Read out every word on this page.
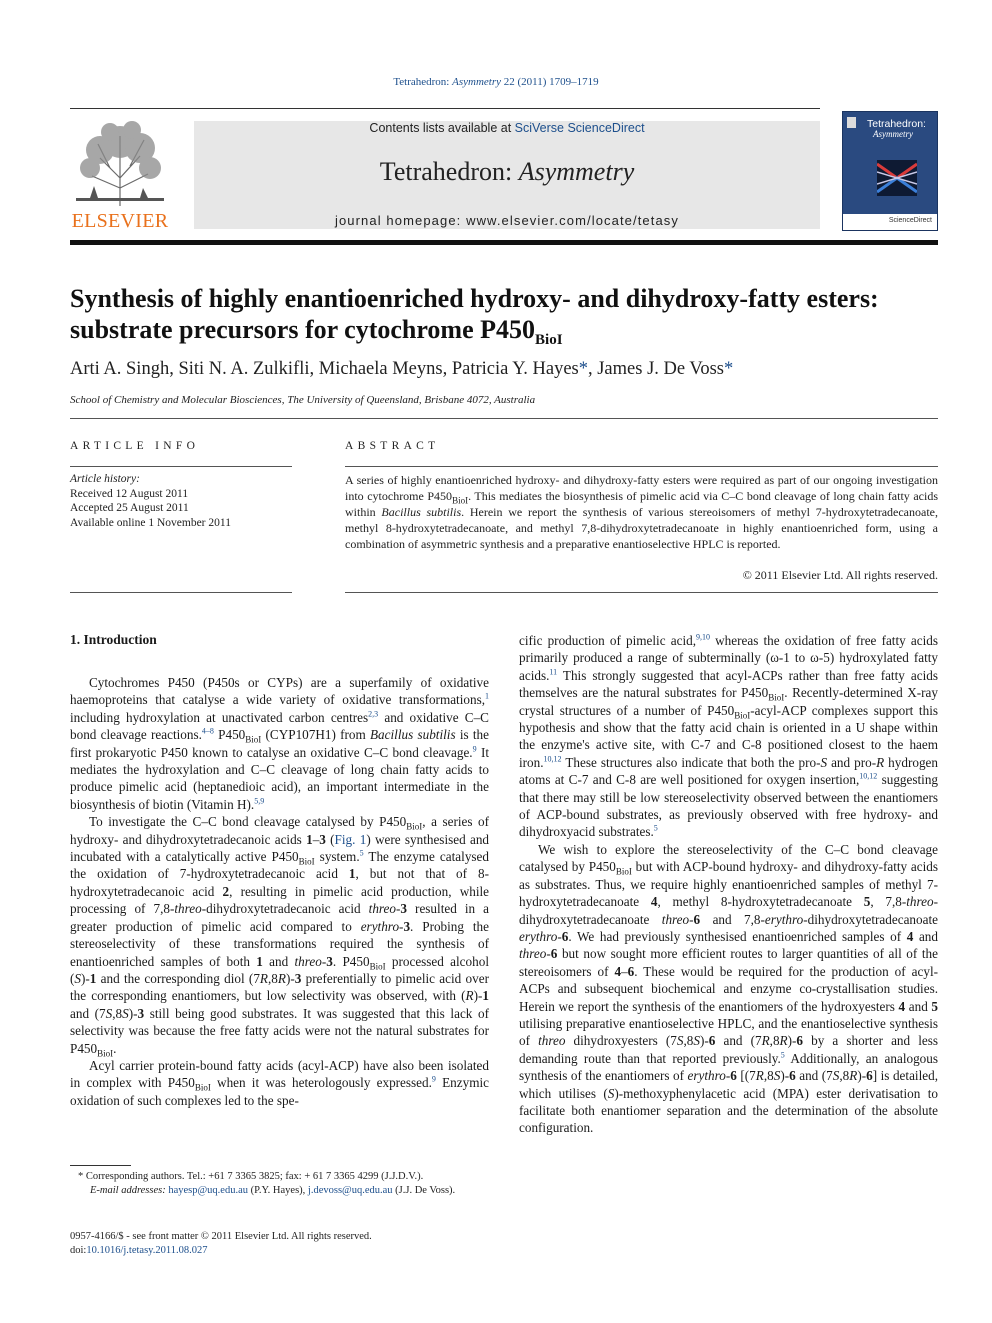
Tetrahedron: Asymmetry 22 (2011) 1709–1719
ELSEVIER
Contents lists available at SciVerse ScienceDirect
Tetrahedron: Asymmetry
journal homepage: www.elsevier.com/locate/tetasy
Tetrahedron:
Asymmetry
ScienceDirect
Synthesis of highly enantioenriched hydroxy- and dihydroxy-fatty esters:
substrate precursors for cytochrome $P450_{BioI}$
Arti A. Singh, Siti N. A. Zulkifli, Michaela Meyns, Patricia Y. Hayes*, James J. De Voss*
School of Chemistry and Molecular Biosciences, The University of Queensland, Brisbane 4072, Australia
ARTICLE INFO	ABSTRACT
Article history:
Received 12 August 2011
Accepted 25 August 2011
Available online 1 November 2011
A series of highly enantioenriched hydroxy- and dihydroxy-fatty esters were required as part of our ongoing investigation into cytochrome $P450_{BioI}$. This mediates the biosynthesis of pimelic acid via C–C bond cleavage of long chain fatty acids within Bacillus subtilis. Herein we report the synthesis of various stereoisomers of methyl 7-hydroxytetradecanoate, methyl 8-hydroxytetradecanoate, and methyl 7,8-dihydroxytetradecanoate in highly enantioenriched form, using a combination of asymmetric synthesis and a preparative enantioselective HPLC is reported.
© 2011 Elsevier Ltd. All rights reserved.
1. Introduction

Cytochromes P450 (P450s or CYPs) are a superfamily of oxidative haemoproteins that catalyse a wide variety of oxidative transformations,$^1$ including hydroxylation at unactivated carbon centres$^{2,3}$ and oxidative C–C bond cleavage reactions.$^{4-8}$ $P450_{BioI}$ (CYP107H1) from Bacillus subtilis is the first prokaryotic P450 known to catalyse an oxidative C–C bond cleavage.$^9$ It mediates the hydroxylation and C–C cleavage of long chain fatty acids to produce pimelic acid (heptanedioic acid), an important intermediate in the biosynthesis of biotin (Vitamin H).$^{5,9}$

To investigate the C–C bond cleavage catalysed by $P450_{BioI}$, a series of hydroxy- and dihydroxytetradecanoic acids 1–3 (Fig. 1) were synthesised and incubated with a catalytically active $P450_{BioI}$ system.$^5$ The enzyme catalysed the oxidation of 7-hydroxytetradecanoic acid 1, but not that of 8-hydroxytetradecanoic acid 2, resulting in pimelic acid production, while processing of 7,8-threo-dihydroxytetradecanoic acid threo-3 resulted in a greater production of pimelic acid compared to erythro-3. Probing the stereoselectivity of these transformations required the synthesis of enantioenriched samples of both 1 and threo-3. $P450_{BioI}$ processed alcohol (S)-1 and the corresponding diol (7R,8R)-3 preferentially to pimelic acid over the corresponding enantiomers, but low selectivity was observed, with (R)-1 and (7S,8S)-3 still being good substrates. It was suggested that this lack of selectivity was because the free fatty acids were not the natural substrates for $P450_{BioI}$.

Acyl carrier protein-bound fatty acids (acyl-ACP) have also been isolated in complex with $P450_{BioI}$ when it was heterologously expressed.$^9$ Enzymic oxidation of such complexes led to the spe-

cific production of pimelic acid,$^{9,10}$ whereas the oxidation of free fatty acids primarily produced a range of subterminally (ω-1 to ω-5) hydroxylated fatty acids.$^{11}$ This strongly suggested that acyl-ACPs rather than free fatty acids themselves are the natural substrates for $P450_{BioI}$. Recently-determined X-ray crystal structures of a number of $P450_{BioI}-acyl$-ACP complexes support this hypothesis and show that the fatty acid chain is oriented in a U shape within the enzyme's active site, with C-7 and C-8 positioned closest to the haem iron.$^{10,12}$ These structures also indicate that both the pro-S and pro-R hydrogen atoms at C-7 and C-8 are well positioned for oxygen insertion,$^{10,12}$ suggesting that there may still be low stereoselectivity observed between the enantiomers of ACP-bound substrates, as previously observed with free hydroxy- and dihydroxyacid substrates.$^5$

We wish to explore the stereoselectivity of the C–C bond cleavage catalysed by $P450_{BioI}$ but with ACP-bound hydroxy- and dihydroxy-fatty acids as substrates. Thus, we require highly enantioenriched samples of methyl 7-hydroxytetradecanoate 4, methyl 8-hydroxytetradecanoate 5, 7,8-threo-dihydroxytetradecanoate threo-6 and 7,8-erythro-dihydroxytetradecanoate erythro-6. We had previously synthesised enantioenriched samples of 4 and threo-6 but now sought more efficient routes to larger quantities of all of the stereoisomers of 4–6. These would be required for the production of acyl-ACPs and subsequent biochemical and enzyme co-crystallisation studies. Herein we report the synthesis of the enantiomers of the hydroxyesters 4 and 5 utilising preparative enantioselective HPLC, and the enantioselective synthesis of threo dihydroxyesters (7S,8S)-6 and (7R,8R)-6 by a shorter and less demanding route than that reported previously.$^5$ Additionally, an analogous synthesis of the enantiomers of erythro-6 [(7R,8S)-6 and (7S,8R)-6] is detailed, which utilises (S)-methoxyphenylacetic acid (MPA) ester derivatisation to facilitate both enantiomer separation and the determination of the absolute configuration.

* Corresponding authors. Tel.: +61 7 3365 3825; fax: + 61 7 3365 4299 (J.J.D.V.).
E-mail addresses: hayesp@uq.edu.au (P.Y. Hayes), j.devoss@uq.edu.au (J.J. De Voss).
0957-4166/$ - see front matter © 2011 Elsevier Ltd. All rights reserved.
doi:10.1016/j.tetasy.2011.08.027
